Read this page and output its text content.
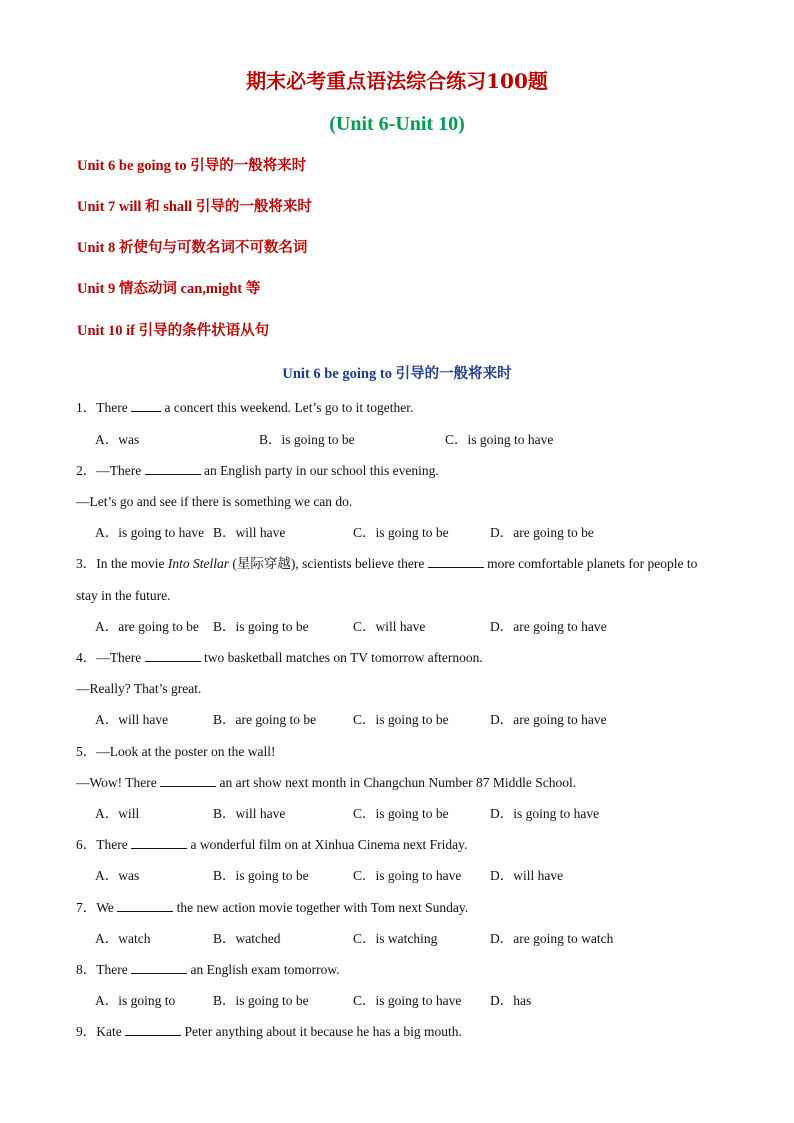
期末必考重点语法综合练习100题
(Unit 6-Unit 10)
Unit 6 be going to 引导的一般将来时
Unit 7 will 和 shall 引导的一般将来时
Unit 8 祈使句与可数名词不可数名词
Unit 9 情态动词 can,might 等
Unit 10 if 引导的条件状语从句
Unit 6 be going to 引导的一般将来时
1．There  a concert this weekend. Let’s go to it together.
A．was	B．is going to be	C．is going to have
2．—There	an English party in our school this evening.
—Let’s go and see if there is something we can do.
A．is going to have B．will have	C．is going to be	D．are going to be
3．In the movie Into Stellar (星际穿越), scientists believe there	more comfortable planets for people to
stay in the future.
A．are going to be B．is going to be	C．will have	D．are going to have
4．—There	two basketball matches on TV tomorrow afternoon.
—Really? That’s great.
A．will have	B．are going to be	C．is going to be	D．are going to have
5．—Look at the poster on the wall!
—Wow! There	an art show next month in Changchun Number 87 Middle School.
A．will	B．will have	C．is going to be	D．is going to have
6．There	a wonderful film on at Xinhua Cinema next Friday.
A．was	B．is going to be	C．is going to have D．will have
7．We	the new action movie together with Tom next Sunday.
A．watch	B．watched	C．is watching	D．are going to watch
8．There	an English exam tomorrow.
A．is going to	B．is going to be	C．is going to have D．has
9．Kate	Peter anything about it because he has a big mouth.
